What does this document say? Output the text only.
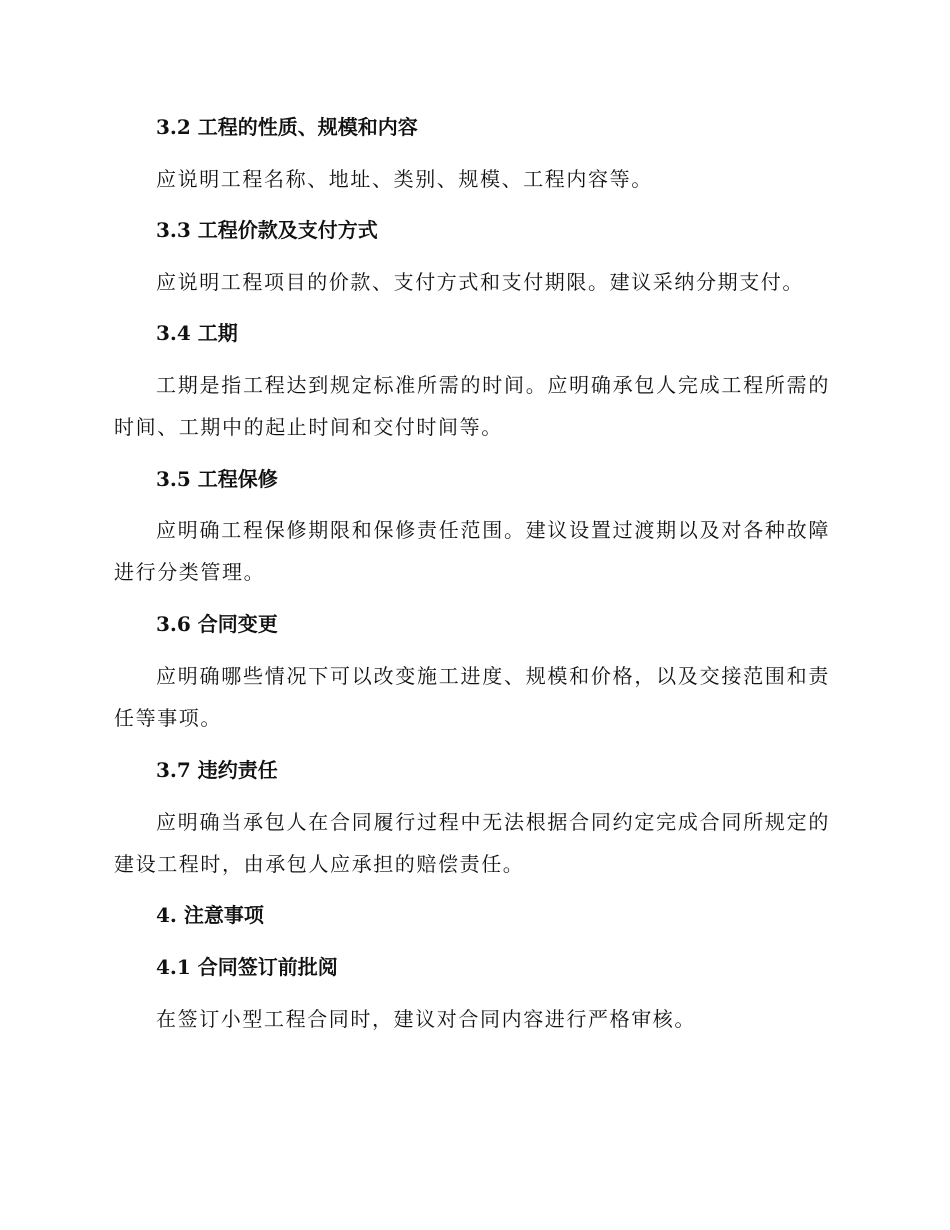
3.2 工程的性质、规模和内容

应说明工程名称、地址、类别、规模、工程内容等。

3.3 工程价款及支付方式

应说明工程项目的价款、支付方式和支付期限。建议采纳分期支付。

3.4 工期

工期是指工程达到规定标准所需的时间。应明确承包人完成工程所需的时间、工期中的起止时间和交付时间等。

3.5 工程保修

应明确工程保修期限和保修责任范围。建议设置过渡期以及对各种故障进行分类管理。

3.6 合同变更

应明确哪些情况下可以改变施工进度、规模和价格，以及交接范围和责任等事项。

3.7 违约责任

应明确当承包人在合同履行过程中无法根据合同约定完成合同所规定的建设工程时，由承包人应承担的赔偿责任。

4. 注意事项
4.1 合同签订前批阅

在签订小型工程合同时，建议对合同内容进行严格审核。
